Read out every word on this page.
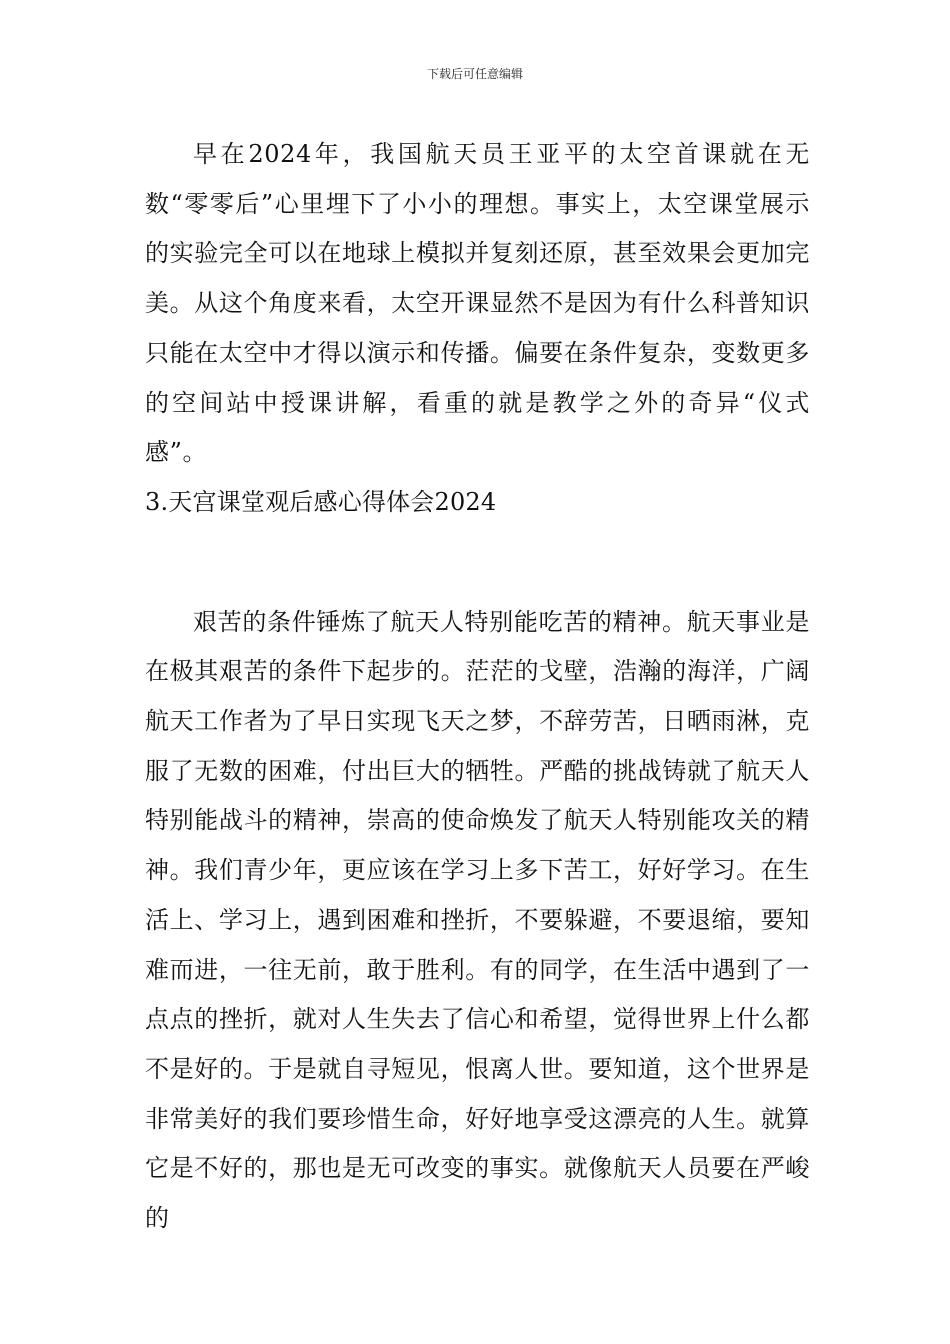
下载后可任意编辑

早在2024年，我国航天员王亚平的太空首课就在无数“零零后”心里埋下了小小的理想。事实上，太空课堂展示的实验完全可以在地球上模拟并复刻还原，甚至效果会更加完美。从这个角度来看，太空开课显然不是因为有什么科普知识只能在太空中才得以演示和传播。偏要在条件复杂，变数更多的空间站中授课讲解，看重的就是教学之外的奇异“仪式感”。

3.天宫课堂观后感心得体会2024

艰苦的条件锤炼了航天人特别能吃苦的精神。航天事业是在极其艰苦的条件下起步的。茫茫的戈壁，浩瀚的海洋，广阔航天工作者为了早日实现飞天之梦，不辞劳苦，日晒雨淋，克服了无数的困难，付出巨大的牺牲。严酷的挑战铸就了航天人特别能战斗的精神，崇高的使命焕发了航天人特别能攻关的精神。我们青少年，更应该在学习上多下苦工，好好学习。在生活上、学习上，遇到困难和挫折，不要躲避，不要退缩，要知难而进，一往无前，敢于胜利。有的同学，在生活中遇到了一点点的挫折，就对人生失去了信心和希望，觉得世界上什么都不是好的。于是就自寻短见，恨离人世。要知道，这个世界是非常美好的我们要珍惜生命，好好地享受这漂亮的人生。就算它是不好的，那也是无可改变的事实。就像航天人员要在严峻的
